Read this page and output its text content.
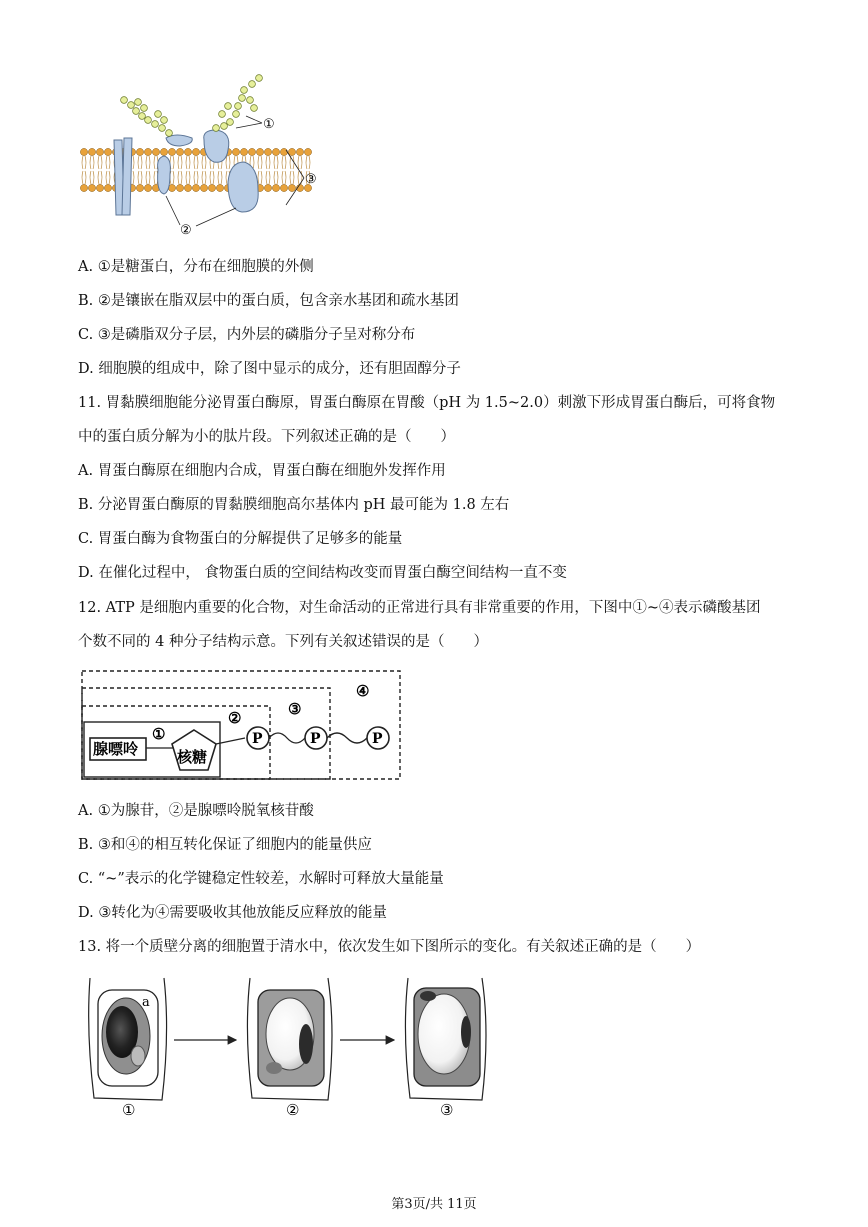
①
③
②
A. ①是糖蛋白，分布在细胞膜的外侧
B. ②是镶嵌在脂双层中的蛋白质，包含亲水基团和疏水基团
C. ③是磷脂双分子层，内外层的磷脂分子呈对称分布
D. 细胞膜的组成中，除了图中显示的成分，还有胆固醇分子
11. 胃黏膜细胞能分泌胃蛋白酶原，胃蛋白酶原在胃酸（pH 为 1.5~2.0）刺激下形成胃蛋白酶后，可将食物
中的蛋白质分解为小的肽片段。下列叙述正确的是（　　）
A. 胃蛋白酶原在细胞内合成，胃蛋白酶在细胞外发挥作用
B. 分泌胃蛋白酶原的胃黏膜细胞高尔基体内 pH 最可能为 1.8 左右
C. 胃蛋白酶为食物蛋白的分解提供了足够多的能量
D. 在催化过程中， 食物蛋白质的空间结构改变而胃蛋白酶空间结构一直不变
12. ATP 是细胞内重要的化合物，对生命活动的正常进行具有非常重要的作用，下图中①~④表示磷酸基团
个数不同的 4 种分子结构示意。下列有关叙述错误的是（　　）
腺嘌呤	核糖
P	P	P
①
②	③
④
A. ①为腺苷，②是腺嘌呤脱氧核苷酸
B. ③和④的相互转化保证了细胞内的能量供应
C. “~”表示的化学键稳定性较差，水解时可释放大量能量
D. ③转化为④需要吸收其他放能反应释放的能量
13. 将一个质壁分离的细胞置于清水中，依次发生如下图所示的变化。有关叙述正确的是（　　）
a
①	②	③
第3页/共 11页
